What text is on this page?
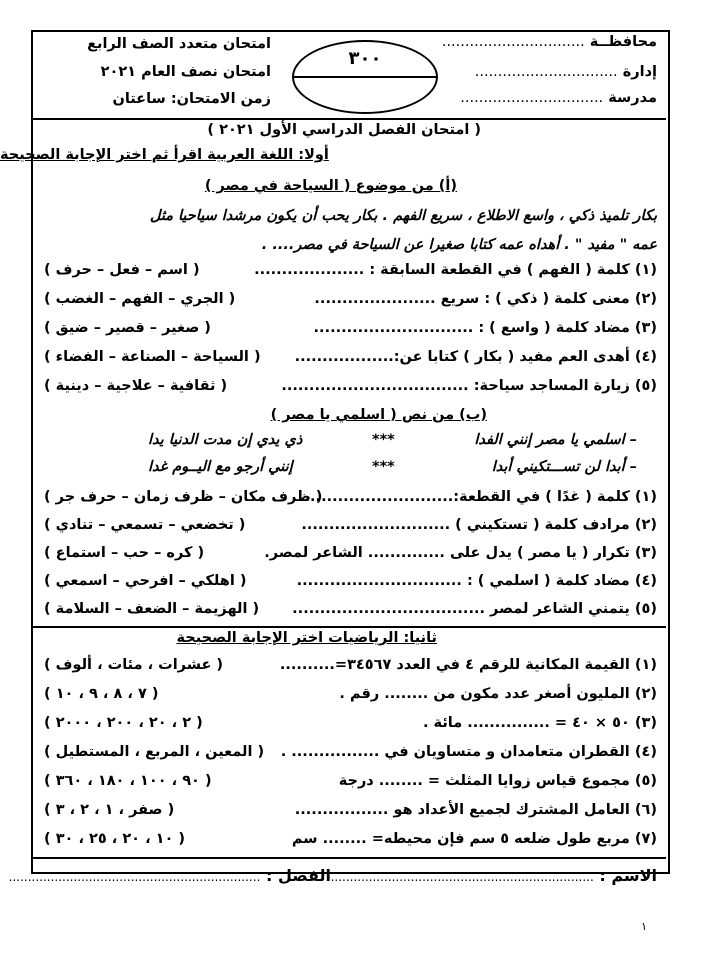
محافظــة ...............................
إدارة ...............................
مدرسة ...............................
امتحان متعدد الصف الرابع
امتحان نصف العام ٢٠٢١
زمن الامتحان: ساعتان
٣٠٠
( امتحان الفصل الدراسي الأول ٢٠٢١ )
أولا: اللغة العربية اقرأ ثم اختر الإجابة الصحيحة
(أ) من موضوع ( السياحة في مصر )
بكار تلميذ ذكي ، واسع الاطلاع ، سريع الفهم . بكار يحب أن يكون مرشدا سياحيا مثل
عمه " مفيد " . أهداه عمه كتابا صغيرا عن السياحة في مصر.... .
(١) كلمة ( الفهم ) في القطعة السابقة : ....................
( اسم – فعل – حرف )
(٢) معنى كلمة ( ذكي ) : سريع ......................
( الجري – الفهم – الغضب )
(٣) مضاد كلمة ( واسع ) : .............................
( صغير – قصير – ضيق )
(٤) أهدى العم مفيد ( بكار ) كتابا عن:..................
( السياحة – الصناعة – الفضاء )
(٥) زيارة المساجد سياحة: ..................................
( ثقافية – علاجية – دينية )
(ب) من نص ( اسلمي يا مصر )
– اسلمي يا مصر إنني الفدا
***
ذي يدي إن مدت الدنيا يدا
– أبدا لن تســـتكيني أبدا
***
إنني أرجو مع اليــوم غدا
(١) كلمة ( غدًا ) في القطعة:............................
( ظرف مكان – ظرف زمان – حرف جر )
(٢) مرادف كلمة ( تستكيني ) ...........................
( تخضعي – تسمعي – تنادي )
(٣) تكرار ( يا مصر ) يدل على .............. الشاعر لمصر.
( كره – حب – استماع )
(٤) مضاد كلمة ( اسلمي ) : ..............................
( اهلكي – افرحي – اسمعي )
(٥) يتمني الشاعر لمصر ...................................
( الهزيمة – الضعف – السلامة )
ثانيا: الرياضيات اختر الإجابة الصحيحة
(١) القيمة المكانية للرقم ٤ في العدد ٣٤٥٦٧=..........
( عشرات ، مئات ، ألوف )
(٢) المليون أصغر عدد مكون من ........ رقم .
( ٧ ، ٨ ، ٩ ، ١٠ )
(٣) ٥٠ × ٤٠ = ............... مائة .
( ٢ ، ٢٠ ، ٢٠٠ ، ٢٠٠٠ )
(٤) القطران متعامدان و متساويان في ................ .
( المعين ، المربع ، المستطيل )
(٥) مجموع قياس زوايا المثلث = ........ درجة
( ٩٠ ، ١٠٠ ، ١٨٠ ، ٣٦٠ )
(٦) العامل المشترك لجميع الأعداد هو .................
( صفر ، ١ ، ٢ ، ٣ )
(٧) مربع طول ضلعه ٥ سم فإن محيطه= ........ سم
( ١٠ ، ٢٠ ، ٢٥ ، ٣٠ )
الاسم : ......................................................................
الفصل : ..................................................................
١
